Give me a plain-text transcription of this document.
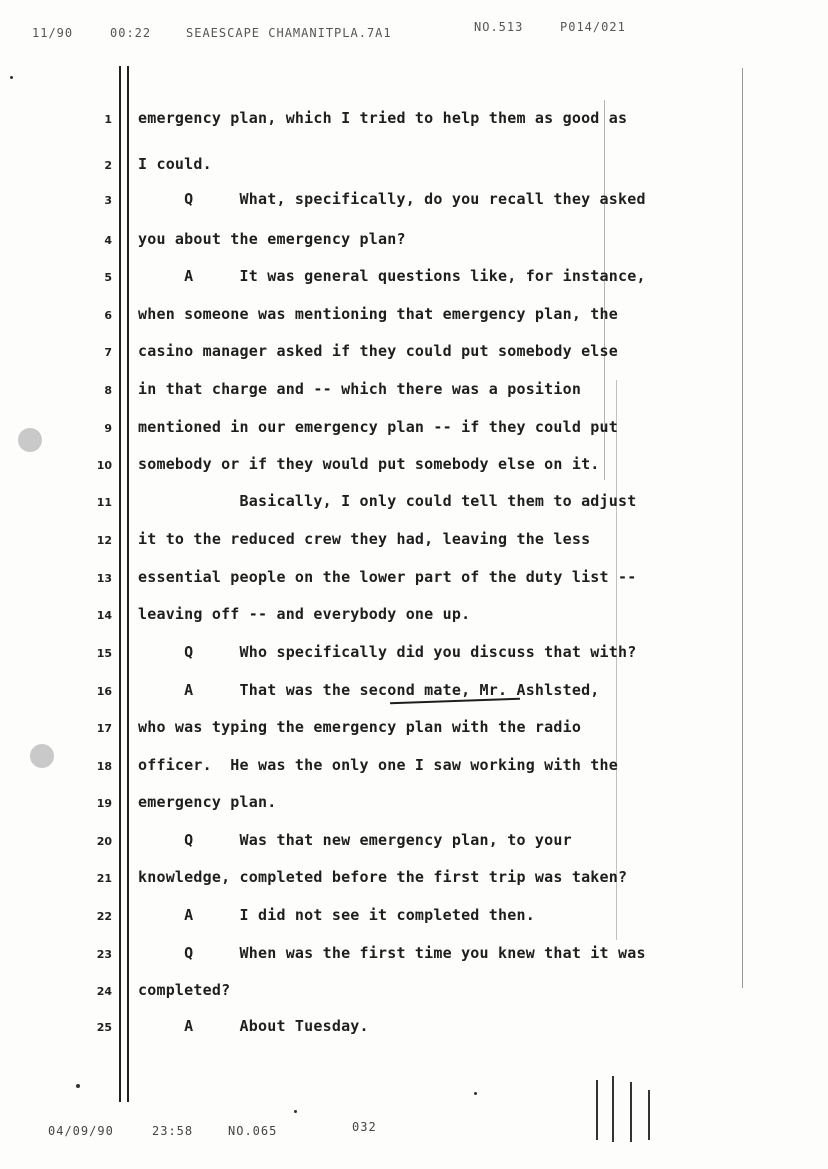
11/90	00:22	SEAESCAPE CHAMANITPLA.7A1	NO.513	P014/021
1 emergency plan, which I tried to help them as good as
2 I could.
3 Q     What, specifically, do you recall they asked
4 you about the emergency plan?
5 A     It was general questions like, for instance,
6 when someone was mentioning that emergency plan, the
7 casino manager asked if they could put somebody else
8 in that charge and -- which there was a position
9 mentioned in our emergency plan -- if they could put
10 somebody or if they would put somebody else on it.
11 Basically, I only could tell them to adjust
12 it to the reduced crew they had, leaving the less
13 essential people on the lower part of the duty list --
14 leaving off -- and everybody one up.
15 Q     Who specifically did you discuss that with?
16 A     That was the second mate, Mr. Ashlsted,
17 who was typing the emergency plan with the radio
18 officer.  He was the only one I saw working with the
19 emergency plan.
20 Q     Was that new emergency plan, to your
21 knowledge, completed before the first trip was taken?
22 A     I did not see it completed then.
23 Q     When was the first time you knew that it was
24 completed?
25 A     About Tuesday.
04/09/90	23:58	NO.065	032
